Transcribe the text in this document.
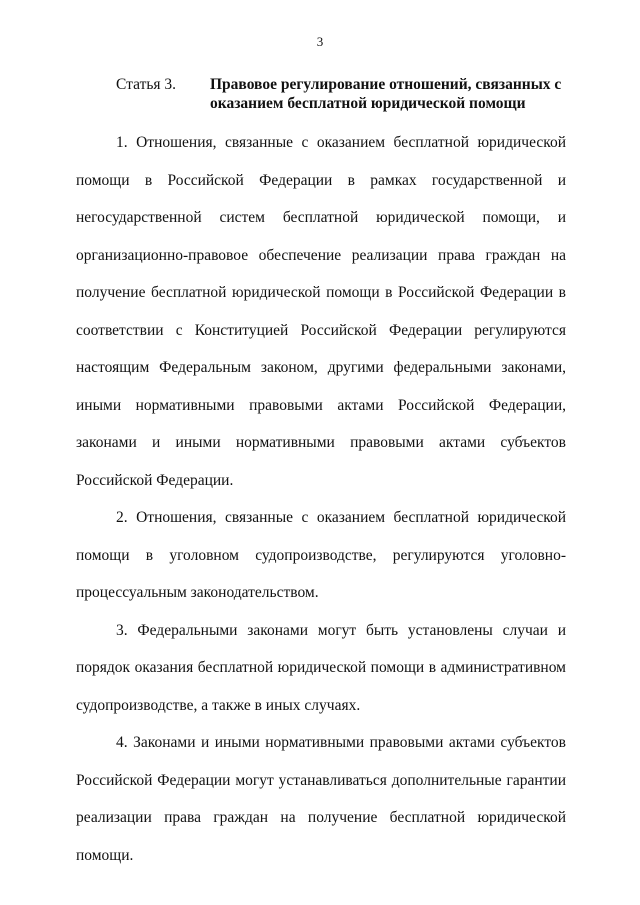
3
Статья 3. Правовое регулирование отношений, связанных с оказанием бесплатной юридической помощи

1. Отношения, связанные с оказанием бесплатной юридической помощи в Российской Федерации в рамках государственной и негосударственной систем бесплатной юридической помощи, и организационно-правовое обеспечение реализации права граждан на получение бесплатной юридической помощи в Российской Федерации в соответствии с Конституцией Российской Федерации регулируются настоящим Федеральным законом, другими федеральными законами, иными нормативными правовыми актами Российской Федерации, законами и иными нормативными правовыми актами субъектов Российской Федерации.

2. Отношения, связанные с оказанием бесплатной юридической помощи в уголовном судопроизводстве, регулируются уголовно-процессуальным законодательством.

3. Федеральными законами могут быть установлены случаи и порядок оказания бесплатной юридической помощи в административном судопроизводстве, а также в иных случаях.

4. Законами и иными нормативными правовыми актами субъектов Российской Федерации могут устанавливаться дополнительные гарантии реализации права граждан на получение бесплатной юридической помощи.
